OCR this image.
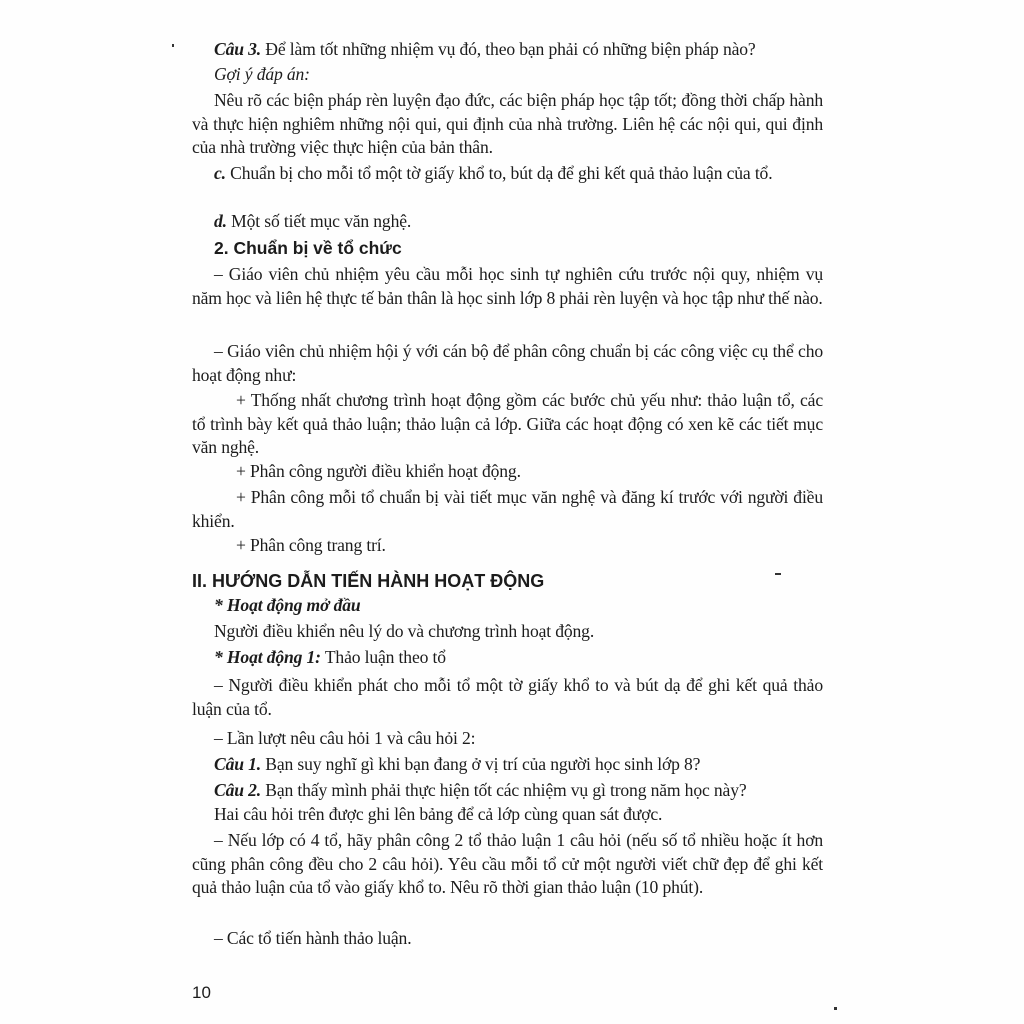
Câu 3. Để làm tốt những nhiệm vụ đó, theo bạn phải có những biện pháp nào?
Gợi ý đáp án:
Nêu rõ các biện pháp rèn luyện đạo đức, các biện pháp học tập tốt; đồng thời chấp hành và thực hiện nghiêm những nội qui, qui định của nhà trường. Liên hệ các nội qui, qui định của nhà trường việc thực hiện của bản thân.
c. Chuẩn bị cho mỗi tổ một tờ giấy khổ to, bút dạ để ghi kết quả thảo luận của tổ.
d. Một số tiết mục văn nghệ.
2. Chuẩn bị về tổ chức
– Giáo viên chủ nhiệm yêu cầu mỗi học sinh tự nghiên cứu trước nội quy, nhiệm vụ năm học và liên hệ thực tế bản thân là học sinh lớp 8 phải rèn luyện và học tập như thế nào.
– Giáo viên chủ nhiệm hội ý với cán bộ để phân công chuẩn bị các công việc cụ thể cho hoạt động như:
+ Thống nhất chương trình hoạt động gồm các bước chủ yếu như: thảo luận tổ, các tổ trình bày kết quả thảo luận; thảo luận cả lớp. Giữa các hoạt động có xen kẽ các tiết mục văn nghệ.
+ Phân công người điều khiển hoạt động.
+ Phân công mỗi tổ chuẩn bị vài tiết mục văn nghệ và đăng kí trước với người điều khiển.
+ Phân công trang trí.
II. HƯỚNG DẪN TIẾN HÀNH HOẠT ĐỘNG
* Hoạt động mở đầu
Người điều khiển nêu lý do và chương trình hoạt động.
* Hoạt động 1: Thảo luận theo tổ
– Người điều khiển phát cho mỗi tổ một tờ giấy khổ to và bút dạ để ghi kết quả thảo luận của tổ.
– Lần lượt nêu câu hỏi 1 và câu hỏi 2:
Câu 1. Bạn suy nghĩ gì khi bạn đang ở vị trí của người học sinh lớp 8?
Câu 2. Bạn thấy mình phải thực hiện tốt các nhiệm vụ gì trong năm học này?
Hai câu hỏi trên được ghi lên bảng để cả lớp cùng quan sát được.
– Nếu lớp có 4 tổ, hãy phân công 2 tổ thảo luận 1 câu hỏi (nếu số tổ nhiều hoặc ít hơn cũng phân công đều cho 2 câu hỏi). Yêu cầu mỗi tổ cử một người viết chữ đẹp để ghi kết quả thảo luận của tổ vào giấy khổ to. Nêu rõ thời gian thảo luận (10 phút).
– Các tổ tiến hành thảo luận.
10
